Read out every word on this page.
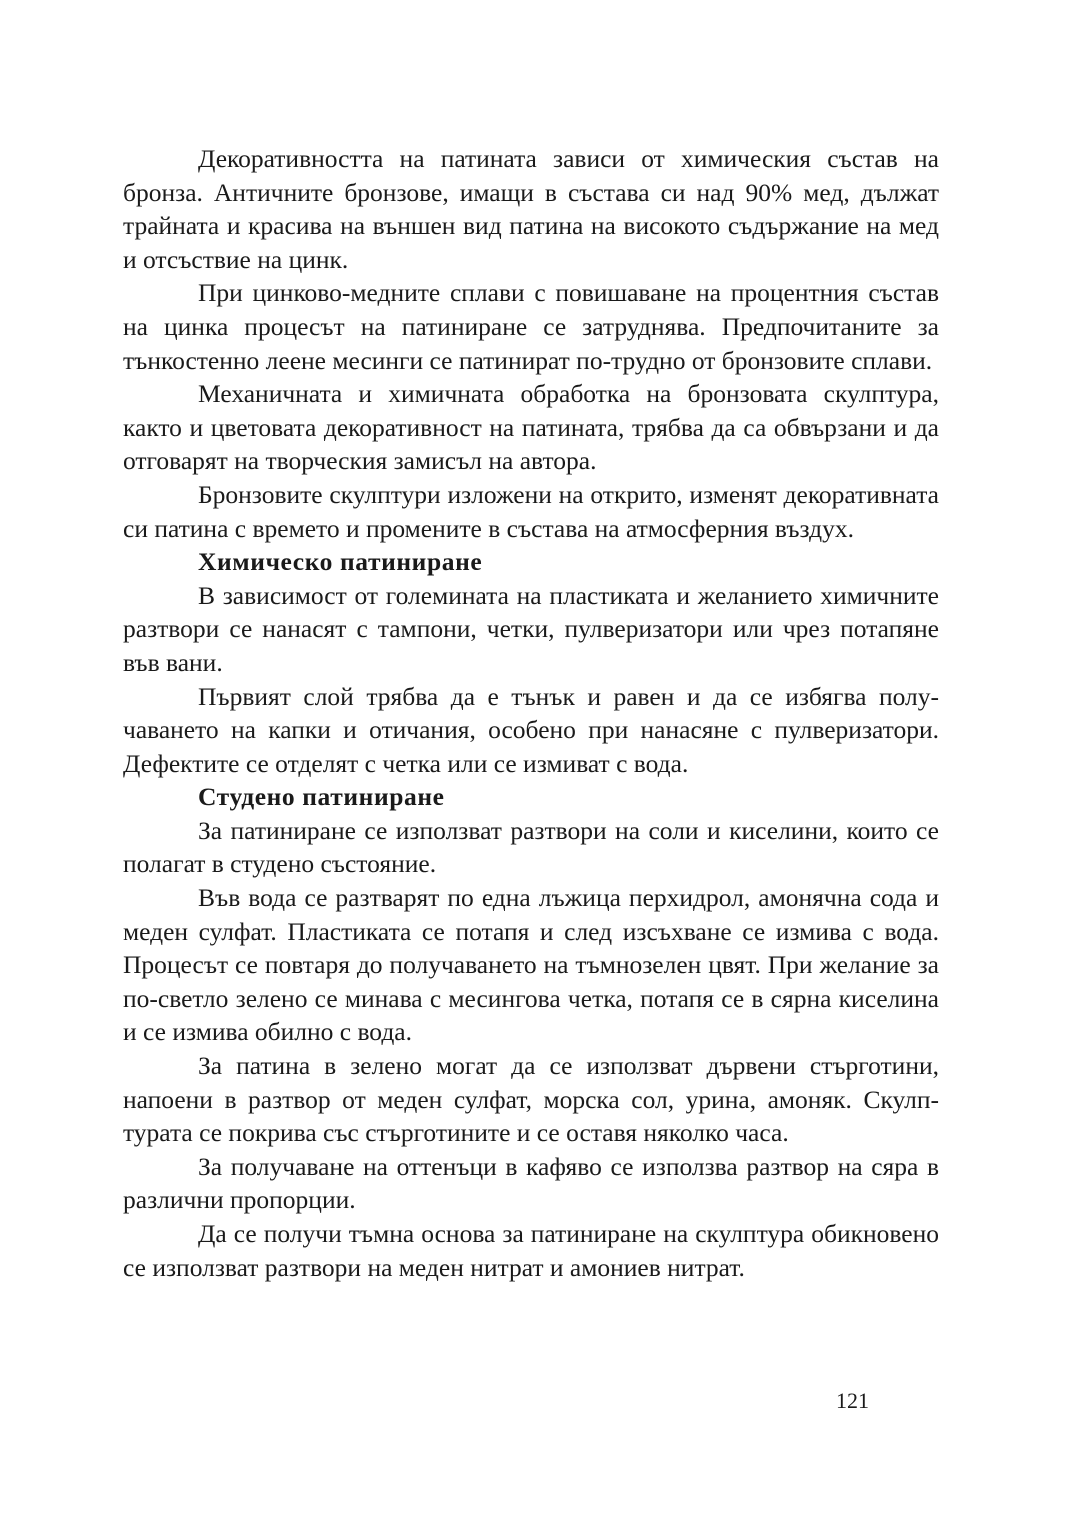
Декоративността на патината зависи от химическия състав на бронза. Античните бронзове, имащи в състава си над 90% мед, дължат трайната и красива на външен вид патина на високото съдържание на мед и отсъствие на цинк.

При цинково-медните сплави с повишаване на процентния състав на цинка процесът на патиниране се затруднява. Предпочитаните за тънкостенно леене месинги се патинират по-трудно от бронзовите сплави.

Механичната и химичната обработка на бронзовата скулптура, както и цветовата декоративност на патината, трябва да са обвързани и да отговарят на творческия замисъл на автора.

Бронзовите скулптури изложени на открито, изменят декоративната си патина с времето и промените в състава на атмосферния въздух.

Химическо патиниране

В зависимост от големината на пластиката и желанието химичните разтвори се нанасят с тампони, четки, пулверизатори или чрез потапяне във вани.

Първият слой трябва да е тънък и равен и да се избягва получаването на капки и отичания, особено при нанасяне с пулверизатори. Дефектите се отделят с четка или се измиват с вода.

Студено патиниране

За патиниране се използват разтвори на соли и киселини, които се полагат в студено състояние.

Във вода се разтварят по една лъжица перхидрол, амонячна сода и меден сулфат. Пластиката се потапя и след изсъхване се измива с вода. Процесът се повтаря до получаването на тъмнозелен цвят. При желание за по-светло зелено се минава с месингова четка, потапя се в сярна киселина и се измива обилно с вода.

За патина в зелено могат да се използват дървени стърготини, напоени в разтвор от меден сулфат, морска сол, урина, амоняк. Скулптурата се покрива със стърготините и се оставя няколко часа.

За получаване на оттенъци в кафяво се използва разтвор на сяра в различни пропорции.

Да се получи тъмна основа за патиниране на скулптура обикновено се използват разтвори на меден нитрат и амониев нитрат.

121
